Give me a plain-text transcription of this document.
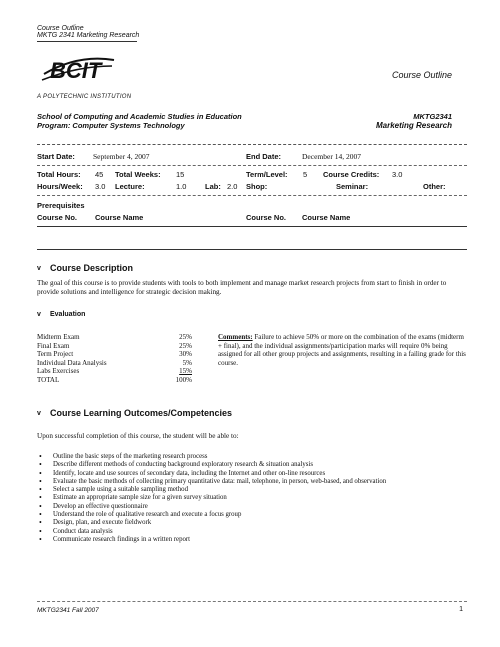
Course Outline
MKTG 2341 Marketing Research
BCIT
A POLYTECHNIC INSTITUTION
Course Outline
School of Computing and Academic Studies in Education
Program: Computer Systems Technology
MKTG2341
Marketing Research
Start Date: September 4, 2007	End Date:	December 14, 2007
Total Hours: 45 Total Weeks: 15	Term/Level: 5 Course Credits: 3.0
Hours/Week: 3.0 Lecture:	1.0 Lab: 2.0 Shop:	Seminar:	Other:
Prerequisites
Course No. Course Name	Course No. Course Name
v Course Description
The goal of this course is to provide students with tools to both implement and manage market research projects from start to finish in order to provide solutions and intelligence for strategic decision making.
v Evaluation
Midterm Exam	25%
Final Exam	25%
Term Project	30%
Individual Data Analysis	5%
Labs Exercises	15%
TOTAL	100%
Comments: Failure to achieve 50% or more on the combination of the exams (midterm + final), and the individual assignments/participation marks will require 0% being assigned for all other group projects and assignments, resulting in a failing grade for this course.
v Course Learning Outcomes/Competencies
Upon successful completion of this course, the student will be able to:
• Outline the basic steps of the marketing research process
• Describe different methods of conducting background exploratory research & situation analysis
• Identify, locate and use sources of secondary data, including the Internet and other on-line resources
• Evaluate the basic methods of collecting primary quantitative data: mail, telephone, in person, web-based, and observation
• Select a sample using a suitable sampling method
• Estimate an appropriate sample size for a given survey situation
• Develop an effective questionnaire
• Understand the role of qualitative research and execute a focus group
• Design, plan, and execute fieldwork
• Conduct data analysis
• Communicate research findings in a written report
MKTG2341 Fall 2007	1
